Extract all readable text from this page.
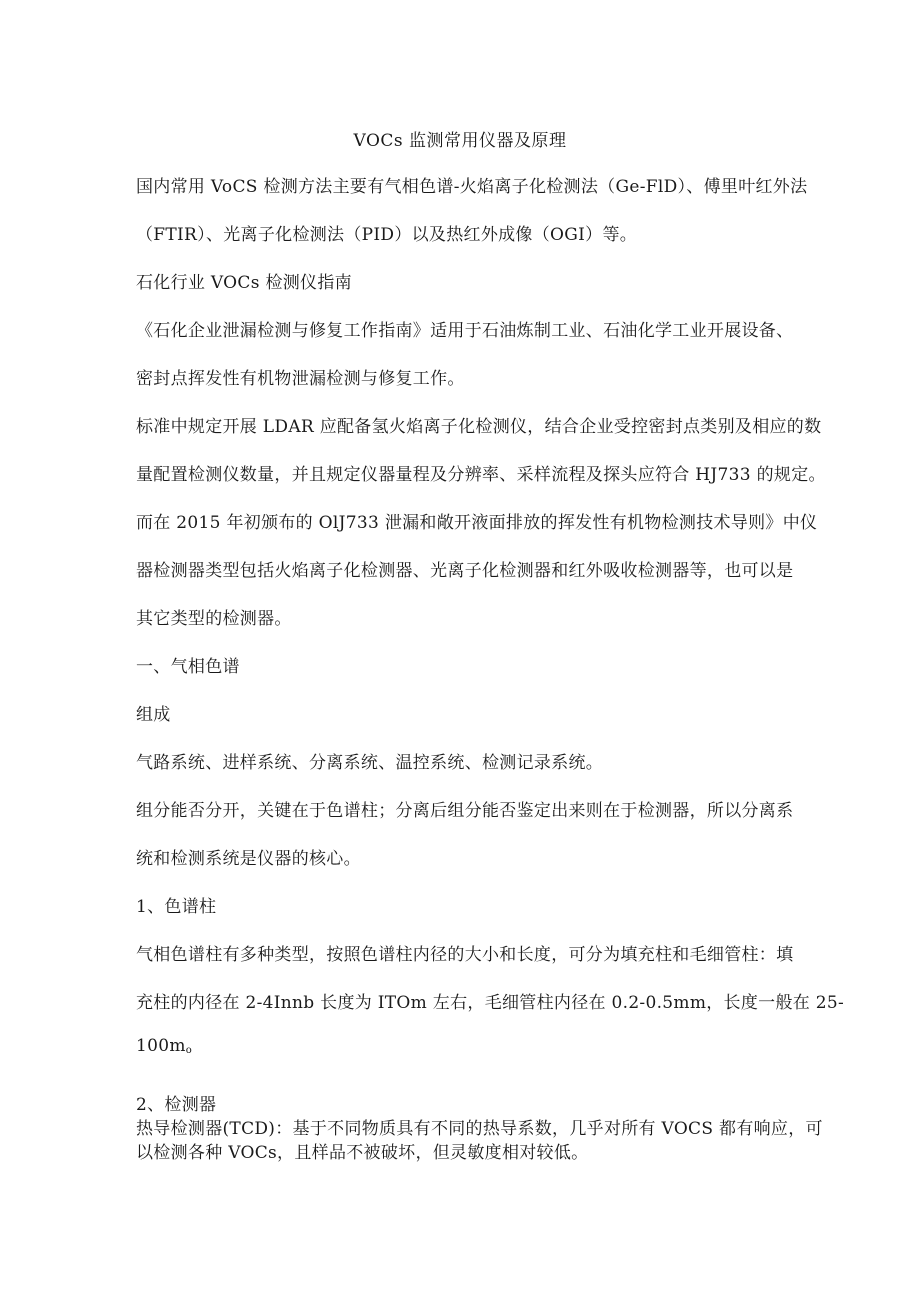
VOCs 监测常用仪器及原理
国内常用 VoCS 检测方法主要有气相色谱-火焰离子化检测法（Ge-FlD）、傅里叶红外法
（FTIR）、光离子化检测法（PID）以及热红外成像（OGI）等。
石化行业 VOCs 检测仪指南
《石化企业泄漏检测与修复工作指南》适用于石油炼制工业、石油化学工业开展设备、
密封点挥发性有机物泄漏检测与修复工作。
标准中规定开展 LDAR 应配备氢火焰离子化检测仪，结合企业受控密封点类别及相应的数
量配置检测仪数量，并且规定仪器量程及分辨率、采样流程及探头应符合 HJ733 的规定。
而在 2015 年初颁布的 OlJ733 泄漏和敞开液面排放的挥发性有机物检测技术导则》中仪
器检测器类型包括火焰离子化检测器、光离子化检测器和红外吸收检测器等，也可以是
其它类型的检测器。
一、气相色谱
组成
气路系统、进样系统、分离系统、温控系统、检测记录系统。
组分能否分开，关键在于色谱柱；分离后组分能否鉴定出来则在于检测器，所以分离系
统和检测系统是仪器的核心。
1、色谱柱
气相色谱柱有多种类型，按照色谱柱内径的大小和长度，可分为填充柱和毛细管柱：填
充柱的内径在 2-4Innb 长度为 ITOm 左右，毛细管柱内径在 0.2-0.5mm，长度一般在 25-
$100m_o$
2、检测器
热导检测器(TCD)：基于不同物质具有不同的热导系数，几乎对所有 VOCS 都有响应，可
以检测各种 VOCs，且样品不被破坏，但灵敏度相对较低。
